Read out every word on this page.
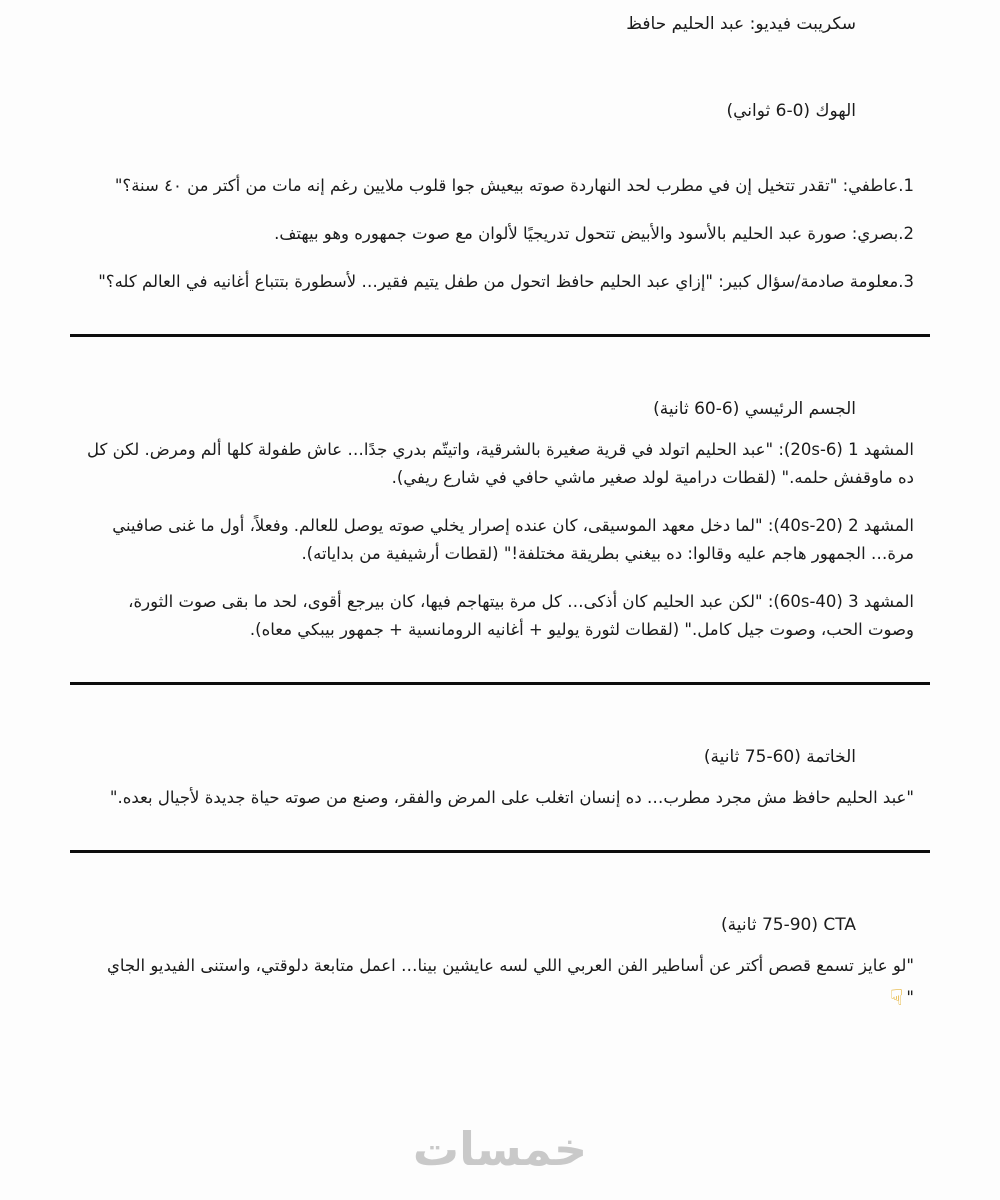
سكريبت فيديو: عبد الحليم حافظ
الهوك (0-6 ثواني)

1.عاطفي: "تقدر تتخيل إن في مطرب لحد النهاردة صوته بيعيش جوا قلوب ملايين رغم إنه مات من أكتر من ٤٠ سنة؟"

2.بصري: صورة عبد الحليم بالأسود والأبيض تتحول تدريجيًا لألوان مع صوت جمهوره وهو بيهتف.

3.معلومة صادمة/سؤال كبير: "إزاي عبد الحليم حافظ اتحول من طفل يتيم فقير… لأسطورة بتتباع أغانيه في العالم كله؟"

الجسم الرئيسي (6-60 ثانية)

المشهد 1 (6-20s): "عبد الحليم اتولد في قرية صغيرة بالشرقية، واتيتّم بدري جدًا… عاش طفولة كلها ألم ومرض. لكن كل ده ماوقفش حلمه." (لقطات درامية لولد صغير ماشي حافي في شارع ريفي).

المشهد 2 (20-40s): "لما دخل معهد الموسيقى، كان عنده إصرار يخلي صوته يوصل للعالم. وفعلاً، أول ما غنى صافيني مرة… الجمهور هاجم عليه وقالوا: ده بيغني بطريقة مختلفة!" (لقطات أرشيفية من بداياته).

المشهد 3 (40-60s): "لكن عبد الحليم كان أذكى… كل مرة بيتهاجم فيها، كان بيرجع أقوى، لحد ما بقى صوت الثورة، وصوت الحب، وصوت جيل كامل." (لقطات لثورة يوليو + أغانيه الرومانسية + جمهور بيبكي معاه).

الخاتمة (60-75 ثانية)

"عبد الحليم حافظ مش مجرد مطرب… ده إنسان اتغلب على المرض والفقر، وصنع من صوته حياة جديدة لأجيال بعده."

CTA (75-90 ثانية)

"لو عايز تسمع قصص أكتر عن أساطير الفن العربي اللي لسه عايشين بينا… اعمل متابعة دلوقتي، واستنى الفيديو الجاي "☟

خمسات
